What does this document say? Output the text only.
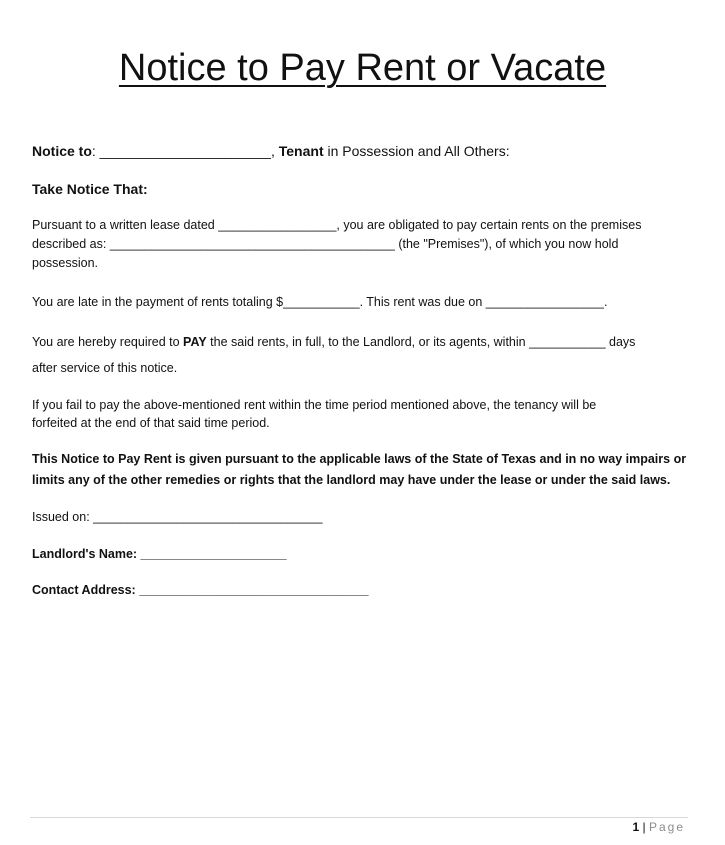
Notice to Pay Rent or Vacate
Notice to: ______________________, Tenant in Possession and All Others:
Take Notice That:
Pursuant to a written lease dated _________________, you are obligated to pay certain rents on the premises
described as: _________________________________________ (the "Premises"), of which you now hold
possession.
You are late in the payment of rents totaling $___________. This rent was due on _________________.
You are hereby required to PAY the said rents, in full, to the Landlord, or its agents, within ___________ days
after service of this notice.
If you fail to pay the above-mentioned rent within the time period mentioned above, the tenancy will be
forfeited at the end of that said time period.
This Notice to Pay Rent is given pursuant to the applicable laws of the State of Texas and in no way impairs or
limits any of the other remedies or rights that the landlord may have under the lease or under the said laws.
Issued on: _________________________________
Landlord's Name: _____________________
Contact Address: _________________________________
1 | Page
